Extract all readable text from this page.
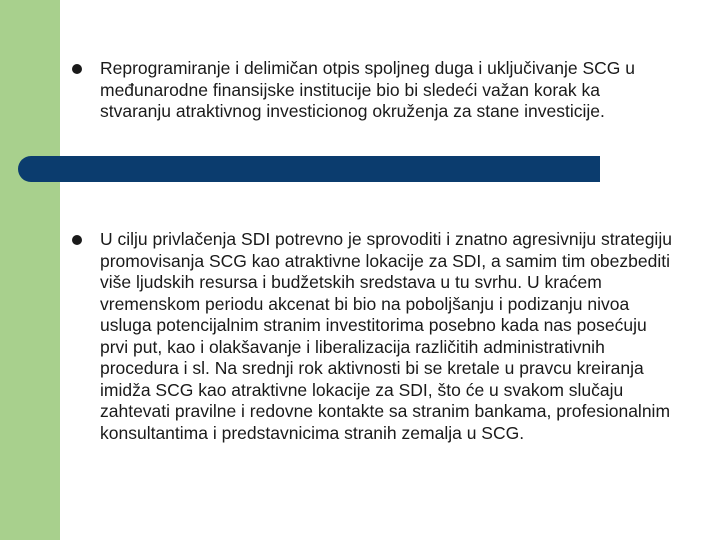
Reprogramiranje i delimičan otpis spoljneg duga i uključivanje SCG u međunarodne finansijske institucije bio bi sledeći važan korak ka stvaranju atraktivnog investicionog okruženja za stane investicije.

U cilju privlačenja SDI potrevno je sprovoditi i znatno agresivniju strategiju promovisanja SCG kao atraktivne lokacije za SDI, a samim tim obezbediti više ljudskih resursa i budžetskih sredstava u tu svrhu. U kraćem vremenskom periodu akcenat bi bio na poboljšanju i podizanju nivoa usluga potencijalnim stranim investitorima posebno kada nas posećuju prvi put, kao i olakšavanje i liberalizacija različitih administrativnih procedura i sl. Na srednji rok aktivnosti bi se kretale u pravcu kreiranja imidža SCG kao atraktivne lokacije za SDI, što će u svakom slučaju zahtevati pravilne i redovne kontakte sa stranim bankama, profesionalnim konsultantima i predstavnicima stranih zemalja u SCG.
